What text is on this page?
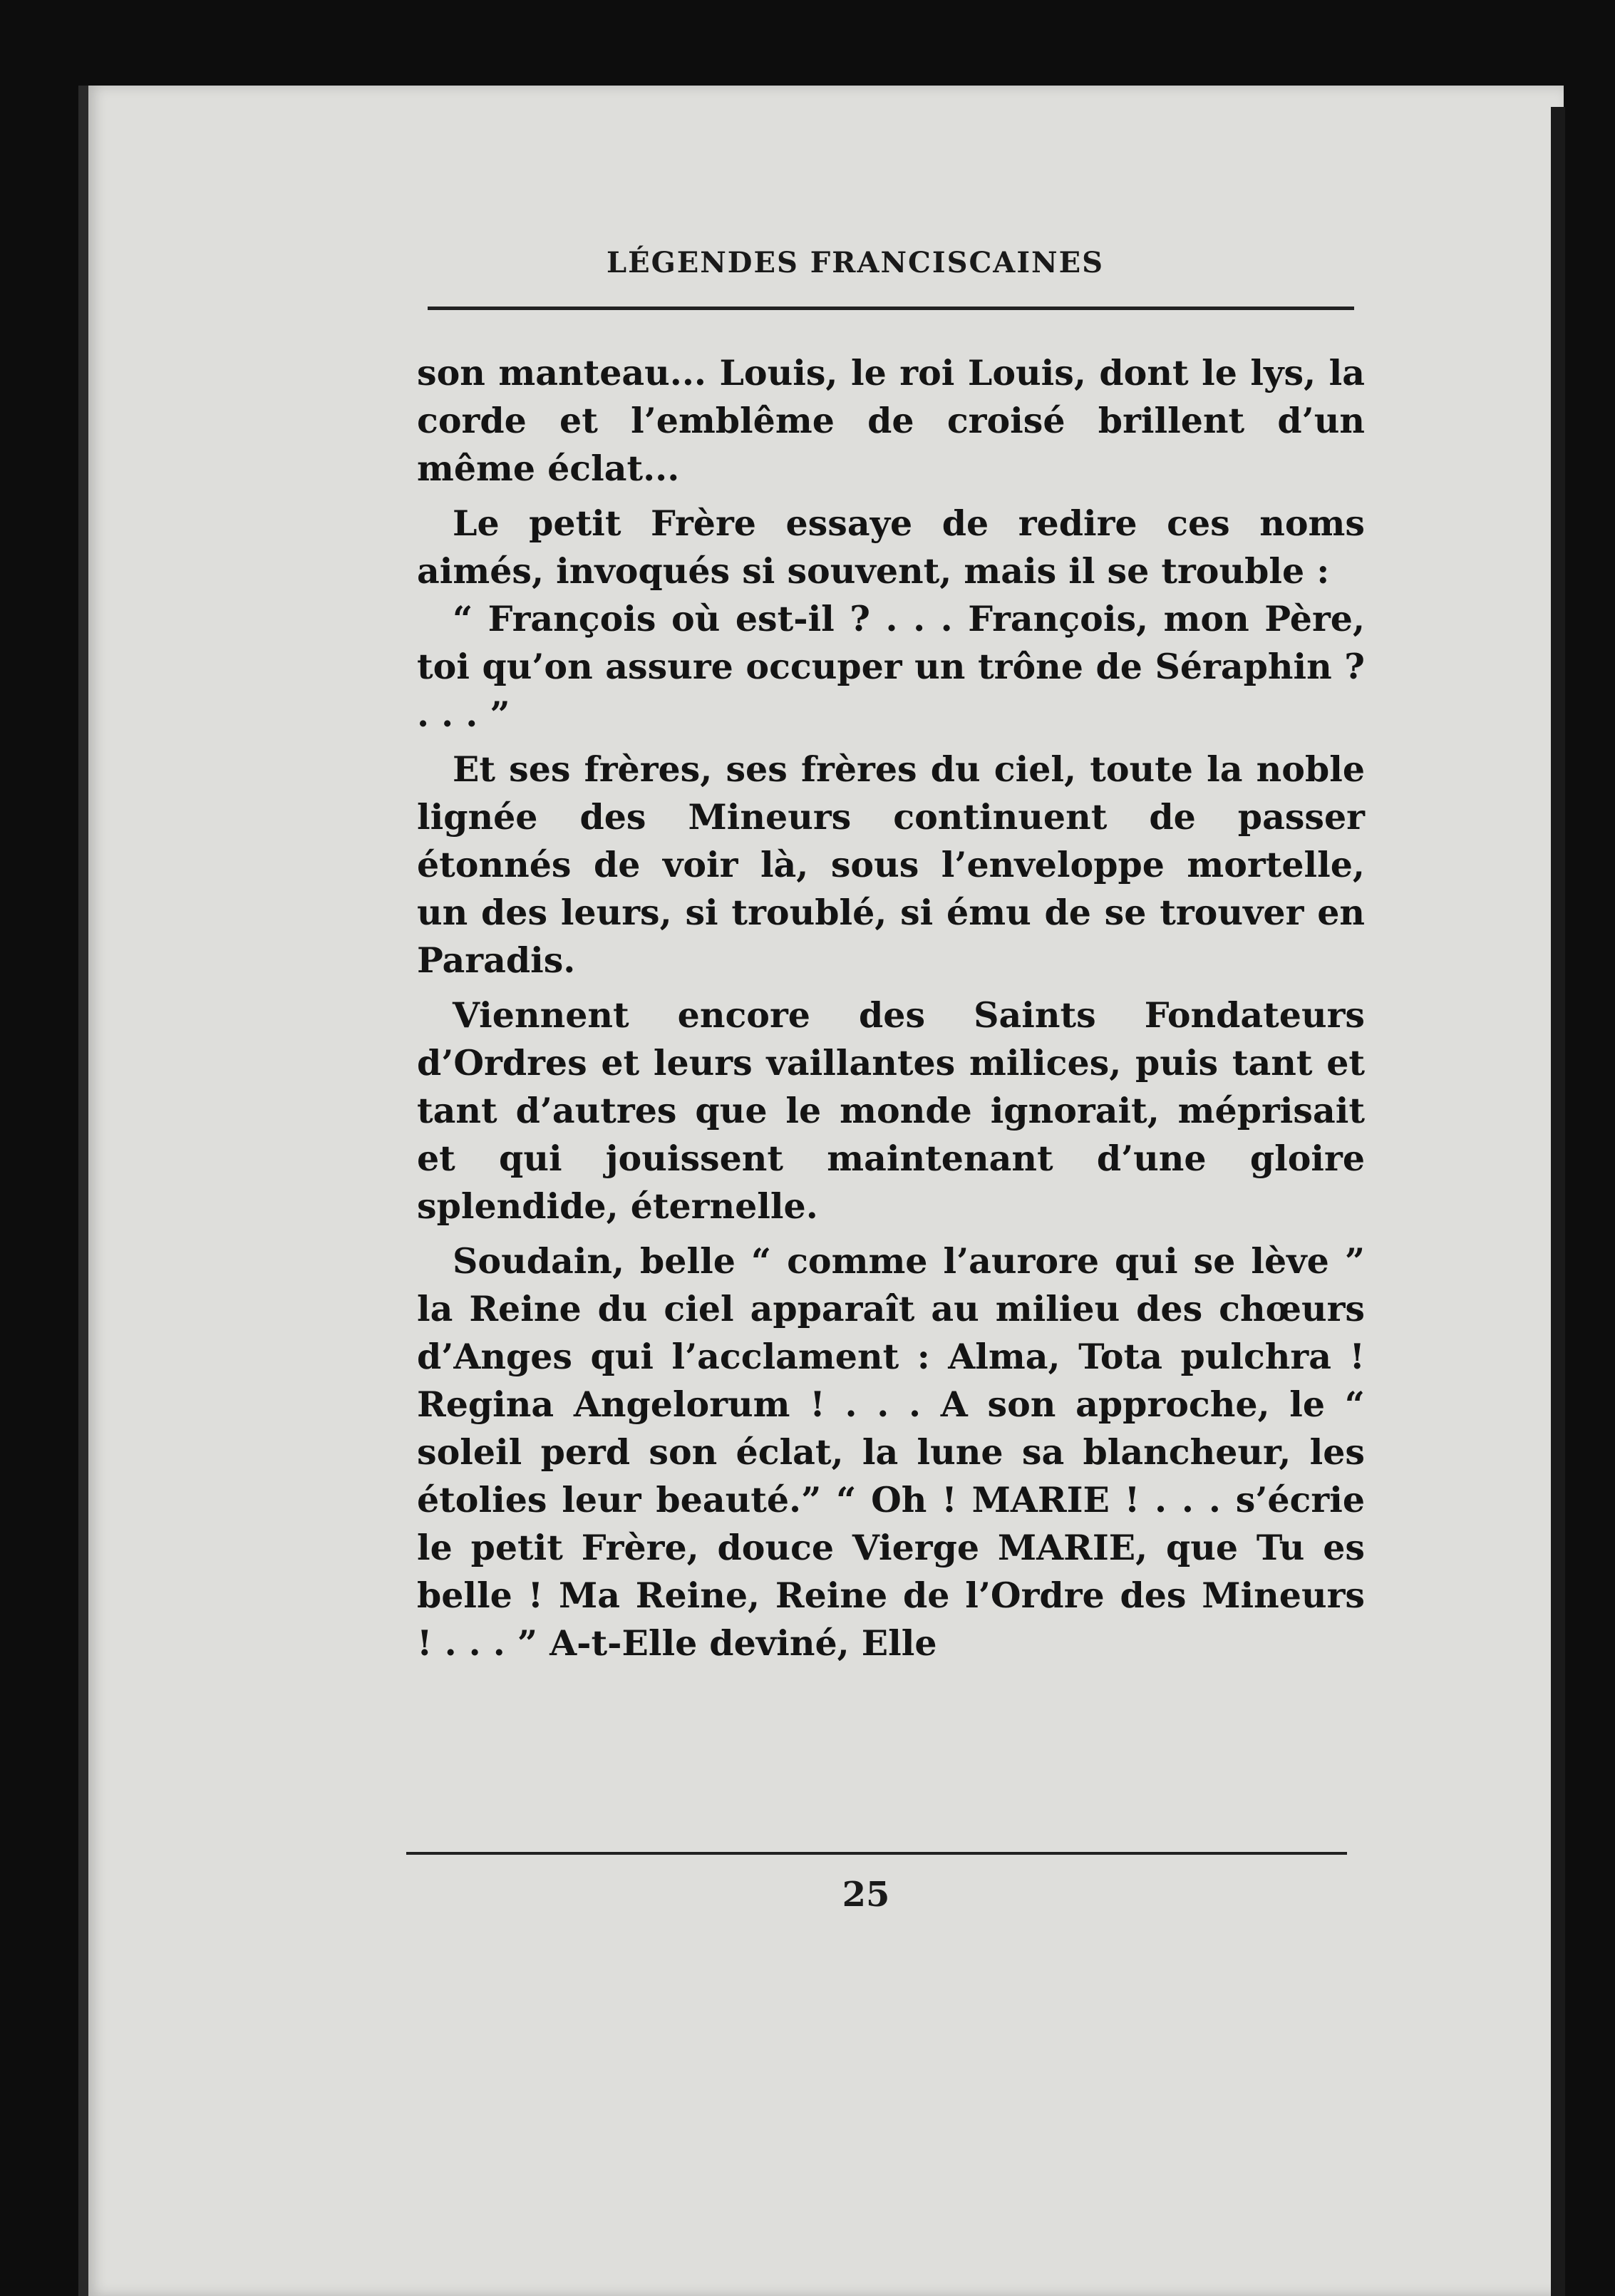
LÉGENDES FRANCISCAINES

son manteau... Louis, le roi Louis, dont le lys, la corde et l’emblême de croisé brillent d’un même éclat...

Le petit Frère essaye de redire ces noms aimés, invoqués si souvent, mais il se trouble :

“ François où est-il ? . . . François, mon Père, toi qu’on assure occuper un trône de Séraphin ? . . . ”

Et ses frères, ses frères du ciel, toute la noble lignée des Mineurs continuent de passer étonnés de voir là, sous l’enveloppe mortelle, un des leurs, si troublé, si ému de se trouver en Paradis.

Viennent encore des Saints Fondateurs d’Ordres et leurs vaillantes milices, puis tant et tant d’autres que le monde ignorait, méprisait et qui jouissent maintenant d’une gloire splendide, éternelle.

Soudain, belle “ comme l’aurore qui se lève ” la Reine du ciel apparaît au milieu des chœurs d’Anges qui l’acclament : Alma, Tota pulchra ! Regina Angelorum ! . . . A son approche, le “ soleil perd son éclat, la lune sa blancheur, les étolies leur beauté.” “ Oh ! MARIE ! . . . s’écrie le petit Frère, douce Vierge MARIE, que Tu es belle ! Ma Reine, Reine de l’Ordre des Mineurs ! . . . ” A-t-Elle deviné, Elle

25
